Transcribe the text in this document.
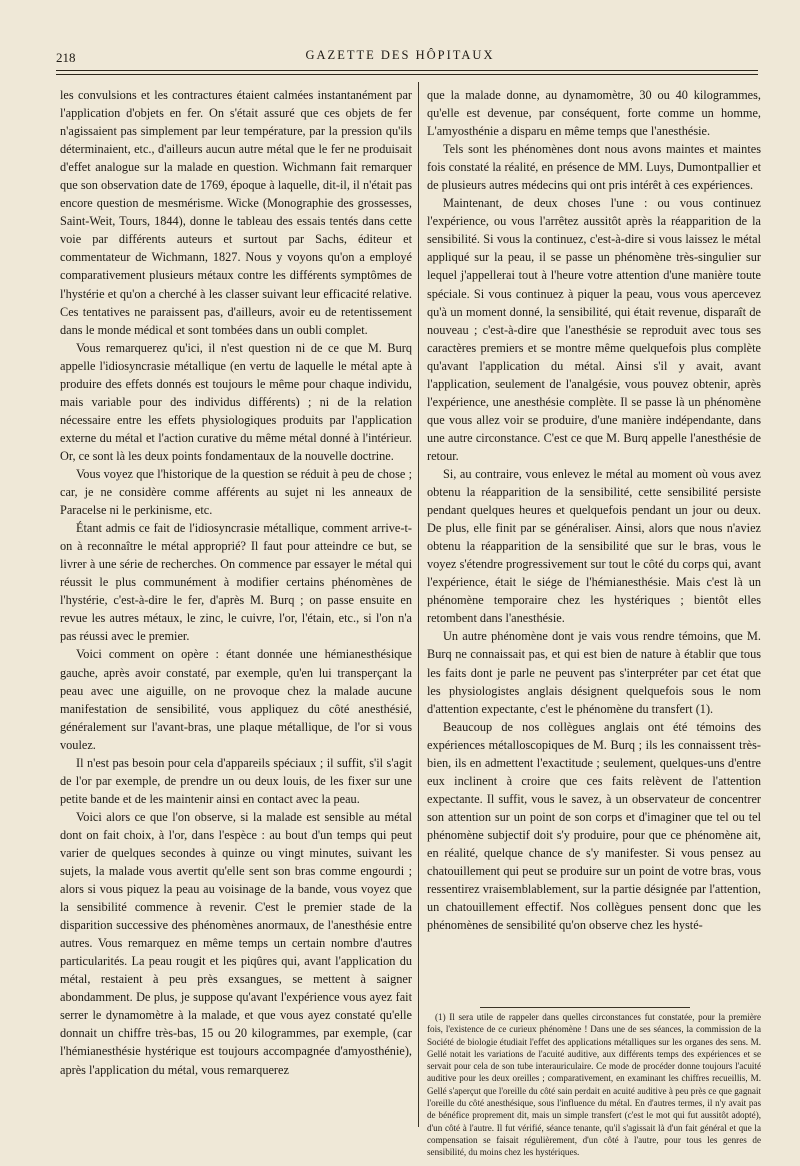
218	GAZETTE DES HÔPITAUX

les convulsions et les contractures étaient calmées instantanément par l'application d'objets en fer. On s'était assuré que ces objets de fer n'agissaient pas simplement par leur température, par la pression qu'ils déterminaient, etc., d'ailleurs aucun autre métal que le fer ne produisait d'effet analogue sur la malade en question. Wichmann fait remarquer que son observation date de 1769, époque à laquelle, dit-il, il n'était pas encore question de mesmérisme. Wicke (Monographie des grossesses, Saint-Weit, Tours, 1844), donne le tableau des essais tentés dans cette voie par différents auteurs et surtout par Sachs, éditeur et commentateur de Wichmann, 1827. Nous y voyons qu'on a employé comparativement plusieurs métaux contre les différents symptômes de l'hystérie et qu'on a cherché à les classer suivant leur efficacité relative. Ces tentatives ne paraissent pas, d'ailleurs, avoir eu de retentissement dans le monde médical et sont tombées dans un oubli complet.

Vous remarquerez qu'ici, il n'est question ni de ce que M. Burq appelle l'idiosyncrasie métallique (en vertu de laquelle le métal apte à produire des effets donnés est toujours le même pour chaque individu, mais variable pour des individus différents) ; ni de la relation nécessaire entre les effets physiologiques produits par l'application externe du métal et l'action curative du même métal donné à l'intérieur. Or, ce sont là les deux points fondamentaux de la nouvelle doctrine.

Vous voyez que l'historique de la question se réduit à peu de chose ; car, je ne considère comme afférents au sujet ni les anneaux de Paracelse ni le perkinisme, etc.

Étant admis ce fait de l'idiosyncrasie métallique, comment arrive-t-on à reconnaître le métal approprié? Il faut pour atteindre ce but, se livrer à une série de recherches. On commence par essayer le métal qui réussit le plus communément à modifier certains phénomènes de l'hystérie, c'est-à-dire le fer, d'après M. Burq ; on passe ensuite en revue les autres métaux, le zinc, le cuivre, l'or, l'étain, etc., si l'on n'a pas réussi avec le premier.

Voici comment on opère : étant donnée une hémianesthésique gauche, après avoir constaté, par exemple, qu'en lui transperçant la peau avec une aiguille, on ne provoque chez la malade aucune manifestation de sensibilité, vous appliquez du côté anesthésié, généralement sur l'avant-bras, une plaque métallique, de l'or si vous voulez.

Il n'est pas besoin pour cela d'appareils spéciaux ; il suffit, s'il s'agit de l'or par exemple, de prendre un ou deux louis, de les fixer sur une petite bande et de les maintenir ainsi en contact avec la peau.

Voici alors ce que l'on observe, si la malade est sensible au métal dont on fait choix, à l'or, dans l'espèce : au bout d'un temps qui peut varier de quelques secondes à quinze ou vingt minutes, suivant les sujets, la malade vous avertit qu'elle sent son bras comme engourdi ; alors si vous piquez la peau au voisinage de la bande, vous voyez que la sensibilité commence à revenir. C'est le premier stade de la disparition successive des phénomènes anormaux, de l'anesthésie entre autres. Vous remarquez en même temps un certain nombre d'autres particularités. La peau rougit et les piqûres qui, avant l'application du métal, restaient à peu près exsangues, se mettent à saigner abondamment. De plus, je suppose qu'avant l'expérience vous ayez fait serrer le dynamomètre à la malade, et que vous ayez constaté qu'elle donnait un chiffre très-bas, 15 ou 20 kilogrammes, par exemple, (car l'hémianesthésie hystérique est toujours accompagnée d'amyosthénie), après l'application du métal, vous remarquerez

que la malade donne, au dynamomètre, 30 ou 40 kilogrammes, qu'elle est devenue, par conséquent, forte comme un homme, L'amyosthénie a disparu en même temps que l'anesthésie.

Tels sont les phénomènes dont nous avons maintes et maintes fois constaté la réalité, en présence de MM. Luys, Dumontpallier et de plusieurs autres médecins qui ont pris intérêt à ces expériences.

Maintenant, de deux choses l'une : ou vous continuez l'expérience, ou vous l'arrêtez aussitôt après la réapparition de la sensibilité. Si vous la continuez, c'est-à-dire si vous laissez le métal appliqué sur la peau, il se passe un phénomène très-singulier sur lequel j'appellerai tout à l'heure votre attention d'une manière toute spéciale. Si vous continuez à piquer la peau, vous vous apercevez qu'à un moment donné, la sensibilité, qui était revenue, disparaît de nouveau ; c'est-à-dire que l'anesthésie se reproduit avec tous ses caractères premiers et se montre même quelquefois plus complète qu'avant l'application du métal. Ainsi s'il y avait, avant l'application, seulement de l'analgésie, vous pouvez obtenir, après l'expérience, une anesthésie complète. Il se passe là un phénomène que vous allez voir se produire, d'une manière indépendante, dans une autre circonstance. C'est ce que M. Burq appelle l'anesthésie de retour.

Si, au contraire, vous enlevez le métal au moment où vous avez obtenu la réapparition de la sensibilité, cette sensibilité persiste pendant quelques heures et quelquefois pendant un jour ou deux. De plus, elle finit par se généraliser. Ainsi, alors que nous n'aviez obtenu la réapparition de la sensibilité que sur le bras, vous le voyez s'étendre progressivement sur tout le côté du corps qui, avant l'expérience, était le siége de l'hémianesthésie. Mais c'est là un phénomène temporaire chez les hystériques ; bientôt elles retombent dans l'anesthésie.

Un autre phénomène dont je vais vous rendre témoins, que M. Burq ne connaissait pas, et qui est bien de nature à établir que tous les faits dont je parle ne peuvent pas s'interpréter par cet état que les physiologistes anglais désignent quelquefois sous le nom d'attention expectante, c'est le phénomène du transfert (1).

Beaucoup de nos collègues anglais ont été témoins des expériences métalloscopiques de M. Burq ; ils les connaissent très-bien, ils en admettent l'exactitude ; seulement, quelques-uns d'entre eux inclinent à croire que ces faits relèvent de l'attention expectante. Il suffit, vous le savez, à un observateur de concentrer son attention sur un point de son corps et d'imaginer que tel ou tel phénomène subjectif doit s'y produire, pour que ce phénomène ait, en réalité, quelque chance de s'y manifester. Si vous pensez au chatouillement qui peut se produire sur un point de votre bras, vous ressentirez vraisemblablement, sur la partie désignée par l'attention, un chatouillement effectif. Nos collègues pensent donc que les phénomènes de sensibilité qu'on observe chez les hysté-

(1) Il sera utile de rappeler dans quelles circonstances fut constatée, pour la première fois, l'existence de ce curieux phénomène ! Dans une de ses séances, la commission de la Société de biologie étudiait l'effet des applications métalliques sur les organes des sens. M. Gellé notait les variations de l'acuité auditive, aux différents temps des expériences et se servait pour cela de son tube interauriculaire. Ce mode de procéder donne toujours l'acuité auditive pour les deux oreilles ; comparativement, en examinant les chiffres recueillis, M. Gellé s'aperçut que l'oreille du côté sain perdait en acuité auditive à peu près ce que gagnait l'oreille du côté anesthésique, sous l'influence du métal. En d'autres termes, il n'y avait pas de bénéfice proprement dit, mais un simple transfert (c'est le mot qui fut aussitôt adopté), d'un côté à l'autre. Il fut vérifié, séance tenante, qu'il s'agissait là d'un fait général et que la compensation se faisait régulièrement, d'un côté à l'autre, pour tous les genres de sensibilité, du moins chez les hystériques.
